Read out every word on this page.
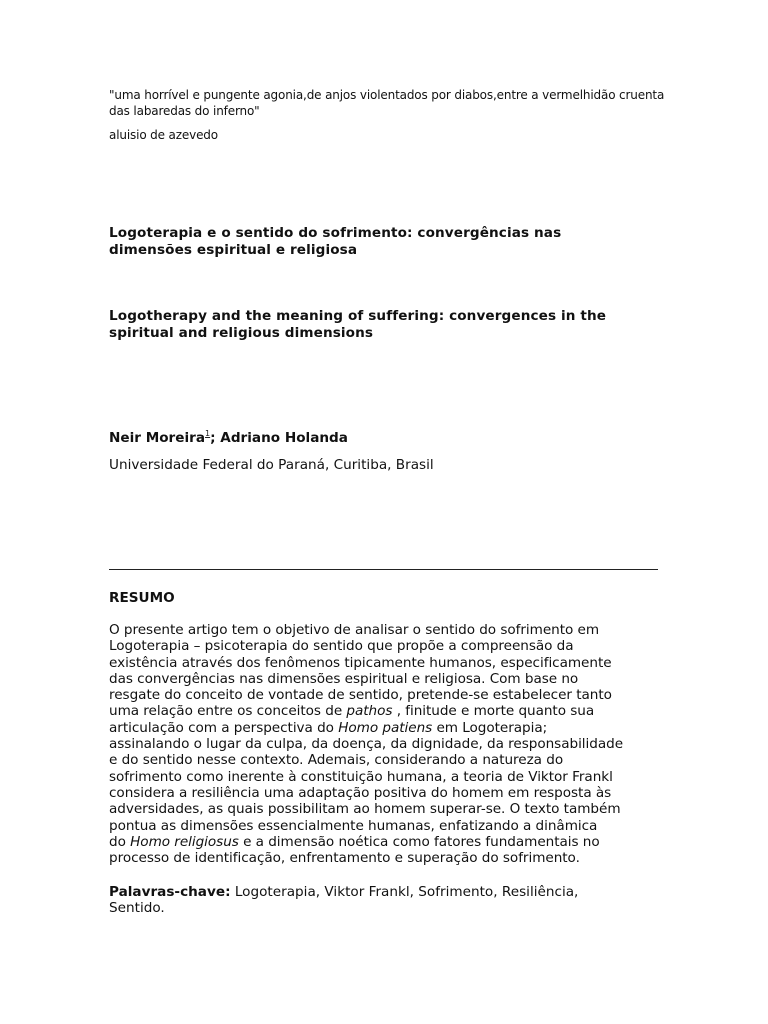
"uma horrível e pungente agonia,de anjos violentados por diabos,entre a vermelhidão cruenta
das labaredas do inferno"
aluisio de azevedo
Logoterapia e o sentido do sofrimento: convergências nas
dimensões espiritual e religiosa
Logotherapy and the meaning of suffering: convergences in the
spiritual and religious dimensions
Neir Moreira$^1$; Adriano Holanda
Universidade Federal do Paraná, Curitiba, Brasil
RESUMO
O presente artigo tem o objetivo de analisar o sentido do sofrimento em
Logoterapia – psicoterapia do sentido que propõe a compreensão da
existência através dos fenômenos tipicamente humanos, especificamente
das convergências nas dimensões espiritual e religiosa. Com base no
resgate do conceito de vontade de sentido, pretende-se estabelecer tanto
uma relação entre os conceitos de pathos , finitude e morte quanto sua
articulação com a perspectiva do Homo patiens em Logoterapia;
assinalando o lugar da culpa, da doença, da dignidade, da responsabilidade
e do sentido nesse contexto. Ademais, considerando a natureza do
sofrimento como inerente à constituição humana, a teoria de Viktor Frankl
considera a resiliência uma adaptação positiva do homem em resposta às
adversidades, as quais possibilitam ao homem superar-se. O texto também
pontua as dimensões essencialmente humanas, enfatizando a dinâmica
do Homo religiosus e a dimensão noética como fatores fundamentais no
processo de identificação, enfrentamento e superação do sofrimento.
Palavras-chave: Logoterapia, Viktor Frankl, Sofrimento, Resiliência,
Sentido.
